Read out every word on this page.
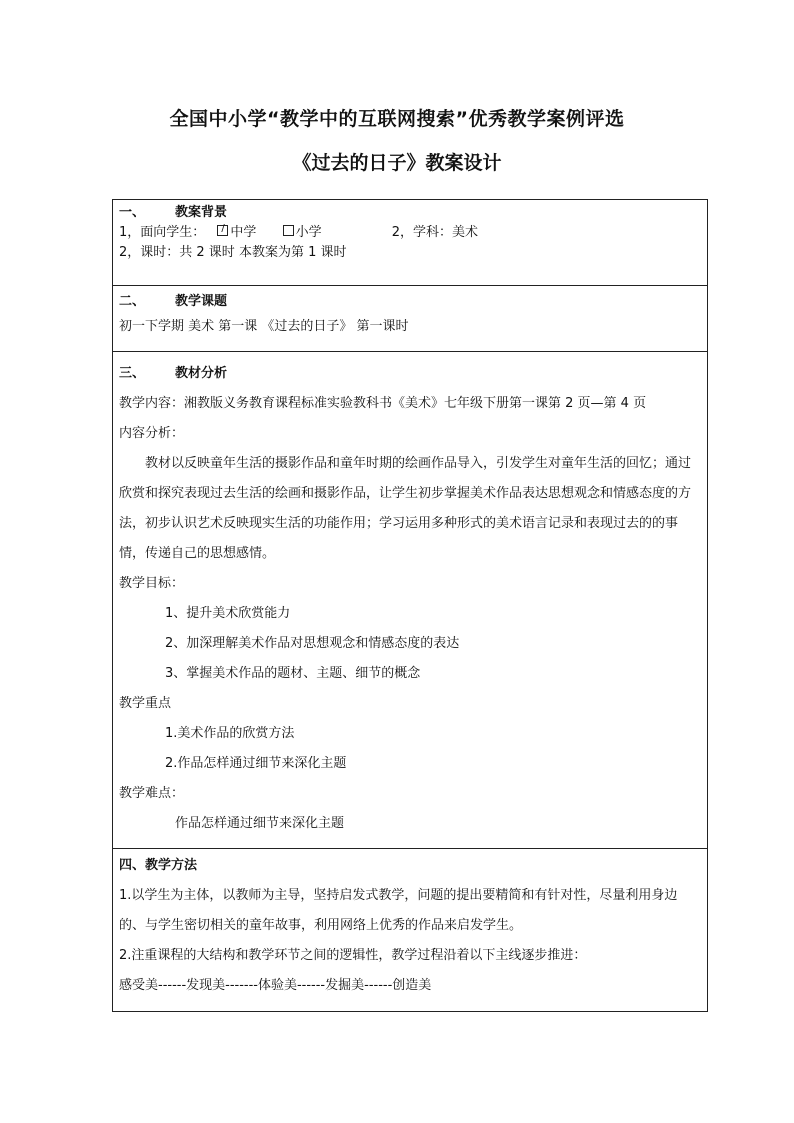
全国中小学“教学中的互联网搜索”优秀教学案例评选
《过去的日子》教案设计
一、 教案背景
1，面向学生： / 中学	小学	2，学科：美术
2，课时：共 2 课时 本教案为第 1 课时
二、 教学课题
初一下学期 美术 第一课 《过去的日子》 第一课时
三、 教材分析
教学内容：湘教版义务教育课程标准实验教科书《美术》七年级下册第一课第 2 页—第 4 页
内容分析：
教材以反映童年生活的摄影作品和童年时期的绘画作品导入，引发学生对童年生活的回忆；通过欣赏和探究表现过去生活的绘画和摄影作品，让学生初步掌握美术作品表达思想观念和情感态度的方法，初步认识艺术反映现实生活的功能作用；学习运用多种形式的美术语言记录和表现过去的的事情，传递自己的思想感情。
教学目标：
1、提升美术欣赏能力
2、加深理解美术作品对思想观念和情感态度的表达
3、掌握美术作品的题材、主题、细节的概念
教学重点
1.美术作品的欣赏方法
2.作品怎样通过细节来深化主题
教学难点：
作品怎样通过细节来深化主题
四、教学方法
1.以学生为主体，以教师为主导，坚持启发式教学，问题的提出要精简和有针对性，尽量利用身边的、与学生密切相关的童年故事，利用网络上优秀的作品来启发学生。
2.注重课程的大结构和教学环节之间的逻辑性，教学过程沿着以下主线逐步推进：
感受美------发现美-------体验美------发掘美------创造美
